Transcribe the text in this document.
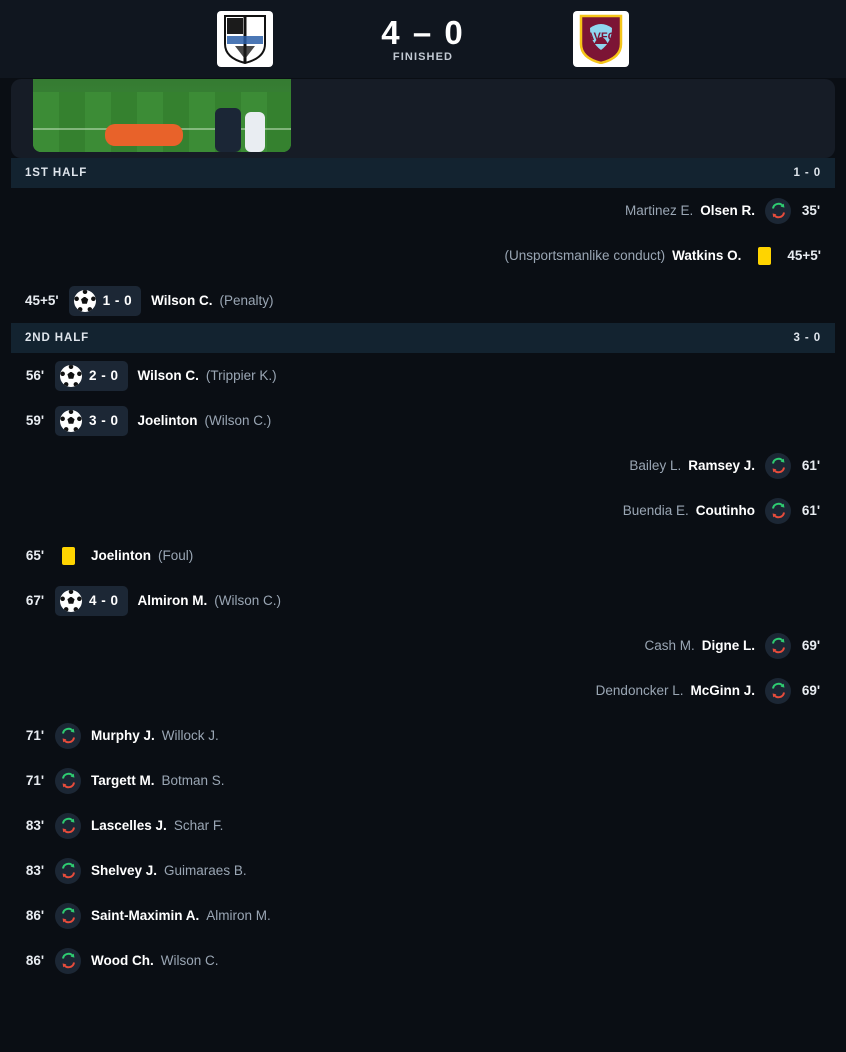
4 – 0
FINISHED
AVFC
1ST HALF	1 - 0
Martinez E. Olsen R.	35'
(Unsportsmanlike conduct) Watkins O.	45+5'
45+5'	1 - 0 Wilson C. (Penalty)
2ND HALF	3 - 0
56'	2 - 0 Wilson C. (Trippier K.)
59'	3 - 0 Joelinton (Wilson C.)
Bailey L. Ramsey J.	61'
Buendia E. Coutinho	61'
65'	Joelinton (Foul)
67'	4 - 0 Almiron M. (Wilson C.)
Cash M. Digne L.	69'
Dendoncker L. McGinn J.	69'
71'	Murphy J. Willock J.
71'	Targett M. Botman S.
83'	Lascelles J. Schar F.
83'	Shelvey J. Guimaraes B.
86'	Saint-Maximin A. Almiron M.
86'	Wood Ch. Wilson C.
